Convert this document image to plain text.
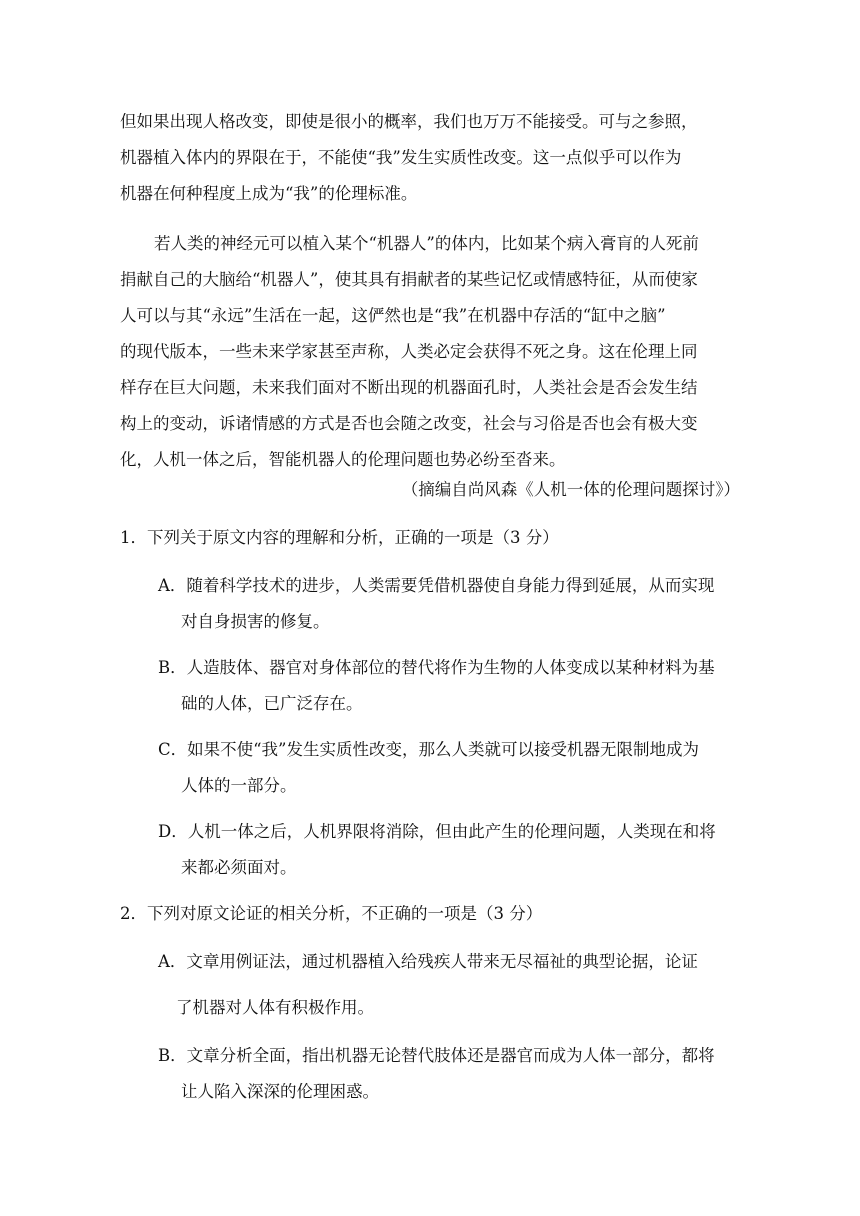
但如果出现人格改变，即使是很小的概率，我们也万万不能接受。可与之参照，
机器植入体内的界限在于，不能使“我”发生实质性改变。这一点似乎可以作为
机器在何种程度上成为“我”的伦理标准。
若人类的神经元可以植入某个“机器人”的体内，比如某个病入膏肓的人死前
捐献自己的大脑给“机器人”，使其具有捐献者的某些记忆或情感特征，从而使家
人可以与其“永远”生活在一起，这俨然也是“我”在机器中存活的“缸中之脑”
的现代版本，一些未来学家甚至声称，人类必定会获得不死之身。这在伦理上同
样存在巨大问题，未来我们面对不断出现的机器面孔时，人类社会是否会发生结
构上的变动，诉诸情感的方式是否也会随之改变，社会与习俗是否也会有极大变
化，人机一体之后，智能机器人的伦理问题也势必纷至沓来。
（摘编自尚风森《人机一体的伦理问题探讨》）
1．下列关于原文内容的理解和分析，正确的一项是（3 分）
A．随着科学技术的进步，人类需要凭借机器使自身能力得到延展，从而实现
对自身损害的修复。
B．人造肢体、器官对身体部位的替代将作为生物的人体变成以某种材料为基
础的人体，已广泛存在。
C．如果不使“我”发生实质性改变，那么人类就可以接受机器无限制地成为
人体的一部分。
D．人机一体之后，人机界限将消除，但由此产生的伦理问题，人类现在和将
来都必须面对。
2．下列对原文论证的相关分析，不正确的一项是（3 分）
A．文章用例证法，通过机器植入给残疾人带来无尽福祉的典型论据，论证
了机器对人体有积极作用。
B．文章分析全面，指出机器无论替代肢体还是器官而成为人体一部分，都将
让人陷入深深的伦理困惑。
